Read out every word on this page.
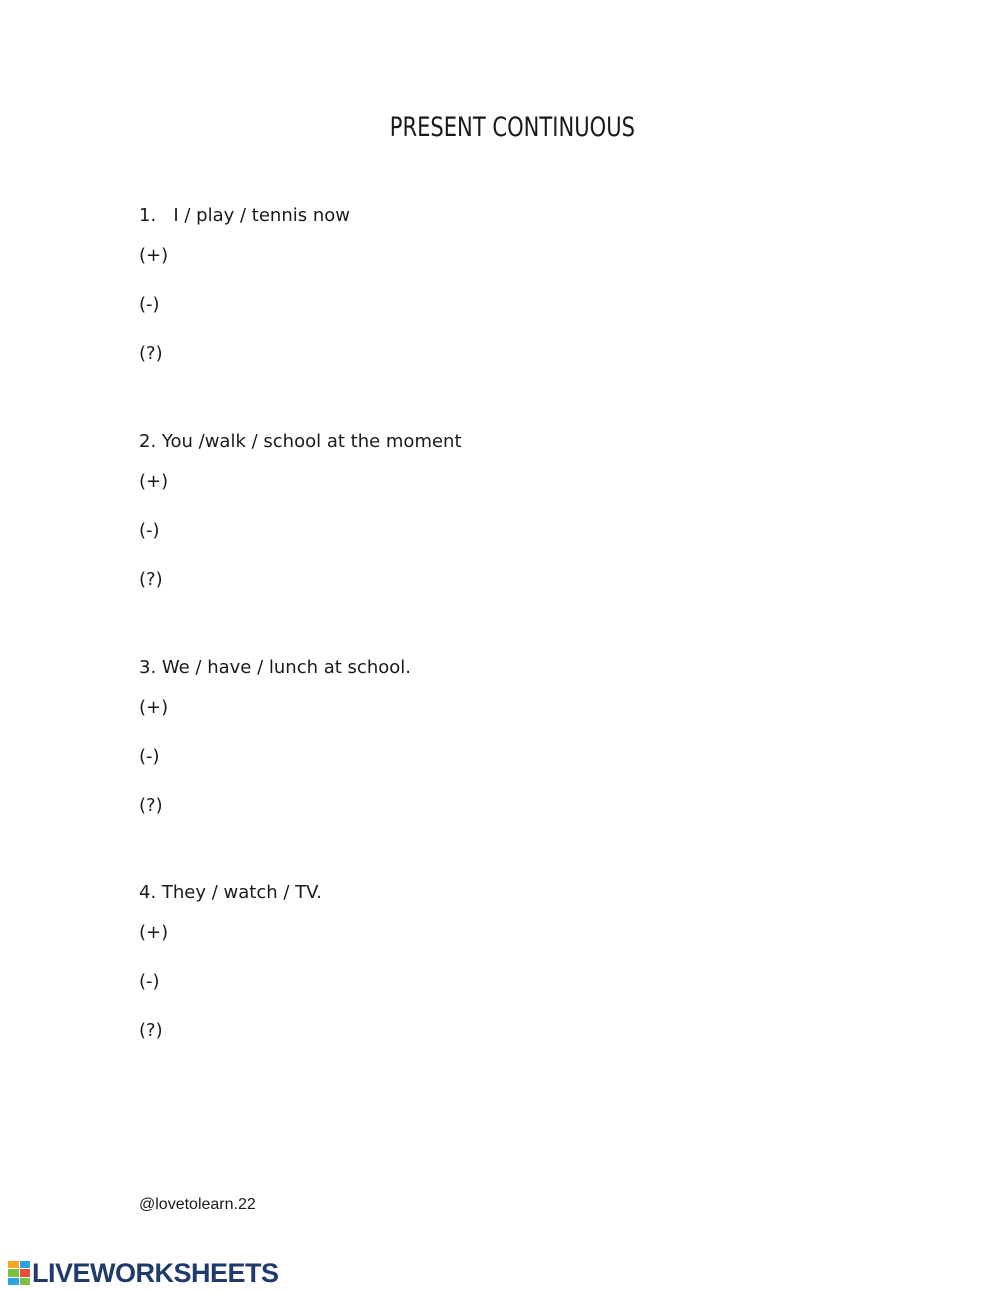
PRESENT CONTINUOUS
1.   I / play / tennis now
(+)
(-)
(?)
2. You /walk / school at the moment
(+)
(-)
(?)
3. We / have / lunch at school.
(+)
(-)
(?)
4. They / watch / TV.
(+)
(-)
(?)
@lovetolearn.22
LIVEWORKSHEETS
